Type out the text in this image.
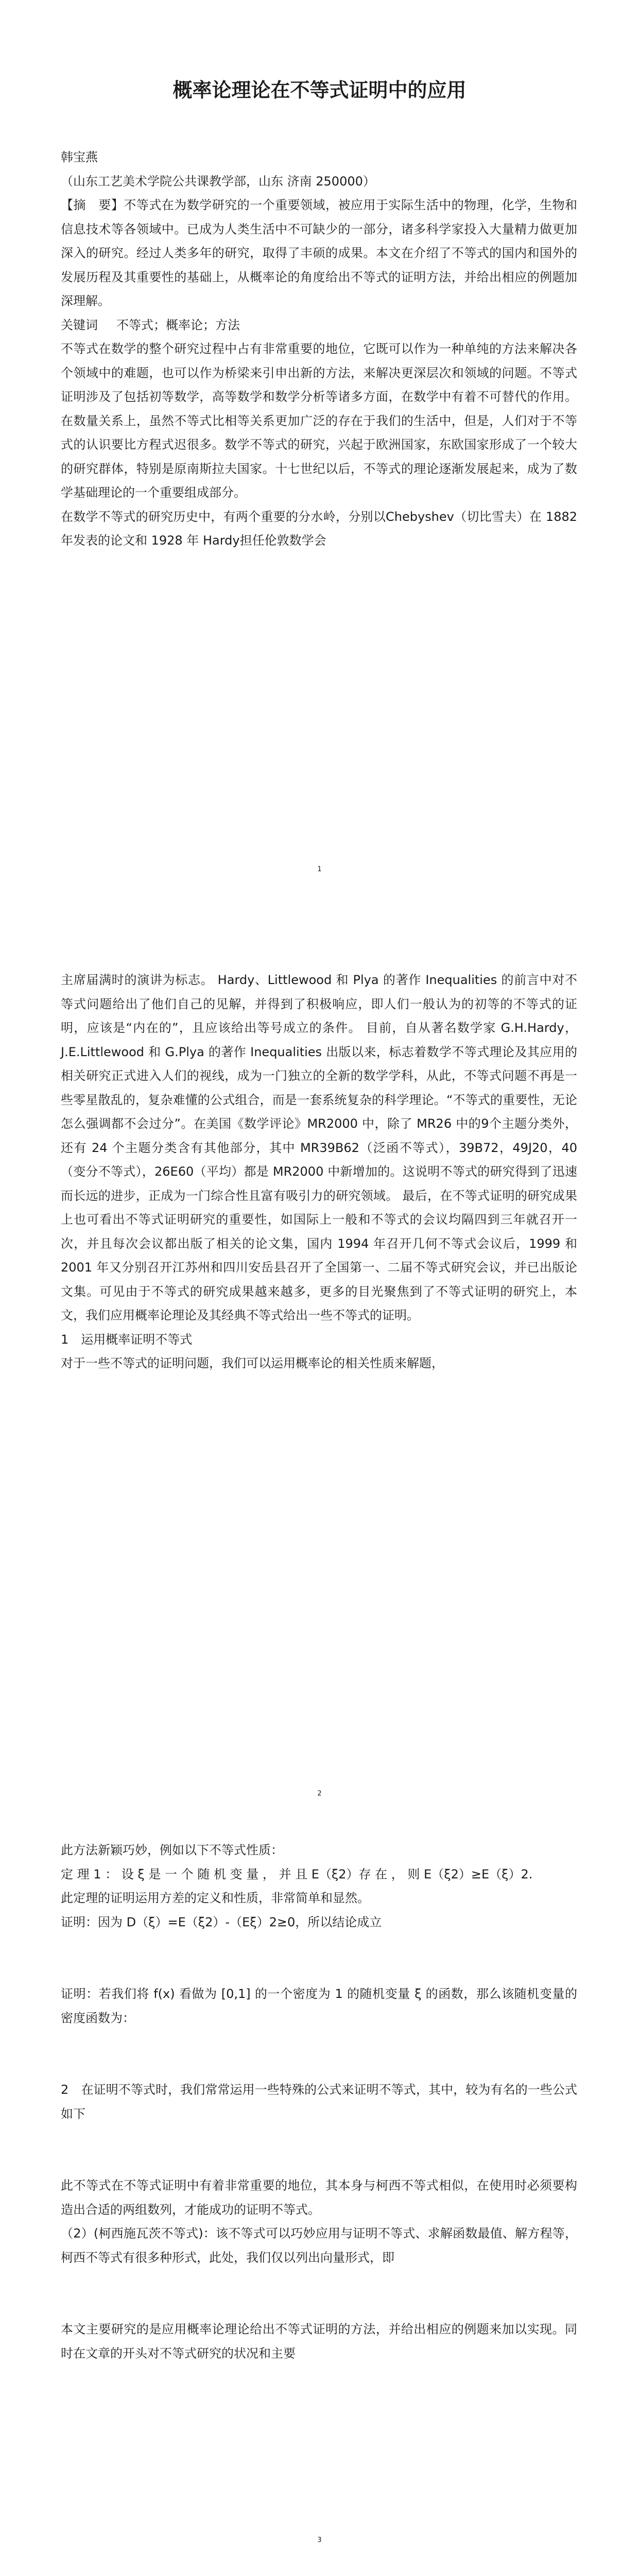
概率论理论在不等式证明中的应用

韩宝燕

（山东工艺美术学院公共课教学部，山东 济南 250000）

【摘　要】不等式在为数学研究的一个重要领域，被应用于实际生活中的物理，化学，生物和信息技术等各领域中。已成为人类生活中不可缺少的一部分，诸多科学家投入大量精力做更加深入的研究。经过人类多年的研究，取得了丰硕的成果。本文在介绍了不等式的国内和国外的发展历程及其重要性的基础上，从概率论的角度给出不等式的证明方法，并给出相应的例题加深理解。

关键词 不等式；概率论；方法

不等式在数学的整个研究过程中占有非常重要的地位，它既可以作为一种单纯的方法来解决各个领域中的难题，也可以作为桥梁来引申出新的方法，来解决更深层次和领域的问题。不等式证明涉及了包括初等数学，高等数学和数学分析等诸多方面，在数学中有着不可替代的作用。在数量关系上，虽然不等式比相等关系更加广泛的存在于我们的生活中，但是，人们对于不等式的认识要比方程式迟很多。数学不等式的研究，兴起于欧洲国家，东欧国家形成了一个较大的研究群体，特别是原南斯拉夫国家。十七世纪以后，不等式的理论逐渐发展起来，成为了数学基础理论的一个重要组成部分。

在数学不等式的研究历史中，有两个重要的分水岭，分别以Chebyshev（切比雪夫）在 1882 年发表的论文和 1928 年 Hardy担任伦敦数学会

1

主席届满时的演讲为标志。 Hardy、Littlewood 和 Plya 的著作 Inequalities 的前言中对不等式问题给出了他们自己的见解，并得到了积极响应，即人们一般认为的初等的不等式的证明，应该是“内在的”，且应该给出等号成立的条件。 目前，自从著名数学家 G.H.Hardy，J.E.Littlewood 和 G.Plya 的著作 Inequalities 出版以来，标志着数学不等式理论及其应用的相关研究正式进入人们的视线，成为一门独立的全新的数学学科，从此，不等式问题不再是一些零星散乱的，复杂难懂的公式组合，而是一套系统复杂的科学理论。“不等式的重要性，无论怎么强调都不会过分”。在美国《数学评论》MR2000 中，除了 MR26 中的9个主题分类外，还有 24 个主题分类含有其他部分，其中 MR39B62（泛函不等式），39B72，49J20，40（变分不等式），26E60（平均）都是 MR2000 中新增加的。这说明不等式的研究得到了迅速而长远的进步，正成为一门综合性且富有吸引力的研究领域。 最后，在不等式证明的研究成果上也可看出不等式证明研究的重要性，如国际上一般和不等式的会议均隔四到三年就召开一次，并且每次会议都出版了相关的论文集，国内 1994 年召开几何不等式会议后，1999 和 2001 年又分别召开江苏州和四川安岳县召开了全国第一、二届不等式研究会议，并已出版论文集。可见由于不等式的研究成果越来越多，更多的目光聚焦到了不等式证明的研究上，本文，我们应用概率论理论及其经典不等式给出一些不等式的证明。

1　运用概率证明不等式

对于一些不等式的证明问题，我们可以运用概率论的相关性质来解题，

2

此方法新颖巧妙，例如以下不等式性质：

定 理 1 ： 设 ξ 是 一 个 随 机 变 量 ， 并 且 E（ξ2）存 在 ， 则 E（ξ2）≥E（ξ）2.

此定理的证明运用方差的定义和性质，非常简单和显然。

证明：因为 D（ξ）=E（ξ2）-（Eξ）2≥0，所以结论成立

证明：若我们将 f(x) 看做为 [0,1] 的一个密度为 1 的随机变量 ξ 的函数，那么该随机变量的密度函数为：

2　在证明不等式时，我们常常运用一些特殊的公式来证明不等式，其中，较为有名的一些公式如下

此不等式在不等式证明中有着非常重要的地位，其本身与柯西不等式相似，在使用时必须要构造出合适的两组数列，才能成功的证明不等式。

（2）(柯西施瓦茨不等式)：该不等式可以巧妙应用与证明不等式、求解函数最值、解方程等，柯西不等式有很多种形式，此处，我们仅以列出向量形式，即

本文主要研究的是应用概率论理论给出不等式证明的方法，并给出相应的例题来加以实现。同时在文章的开头对不等式研究的状况和主要

3
